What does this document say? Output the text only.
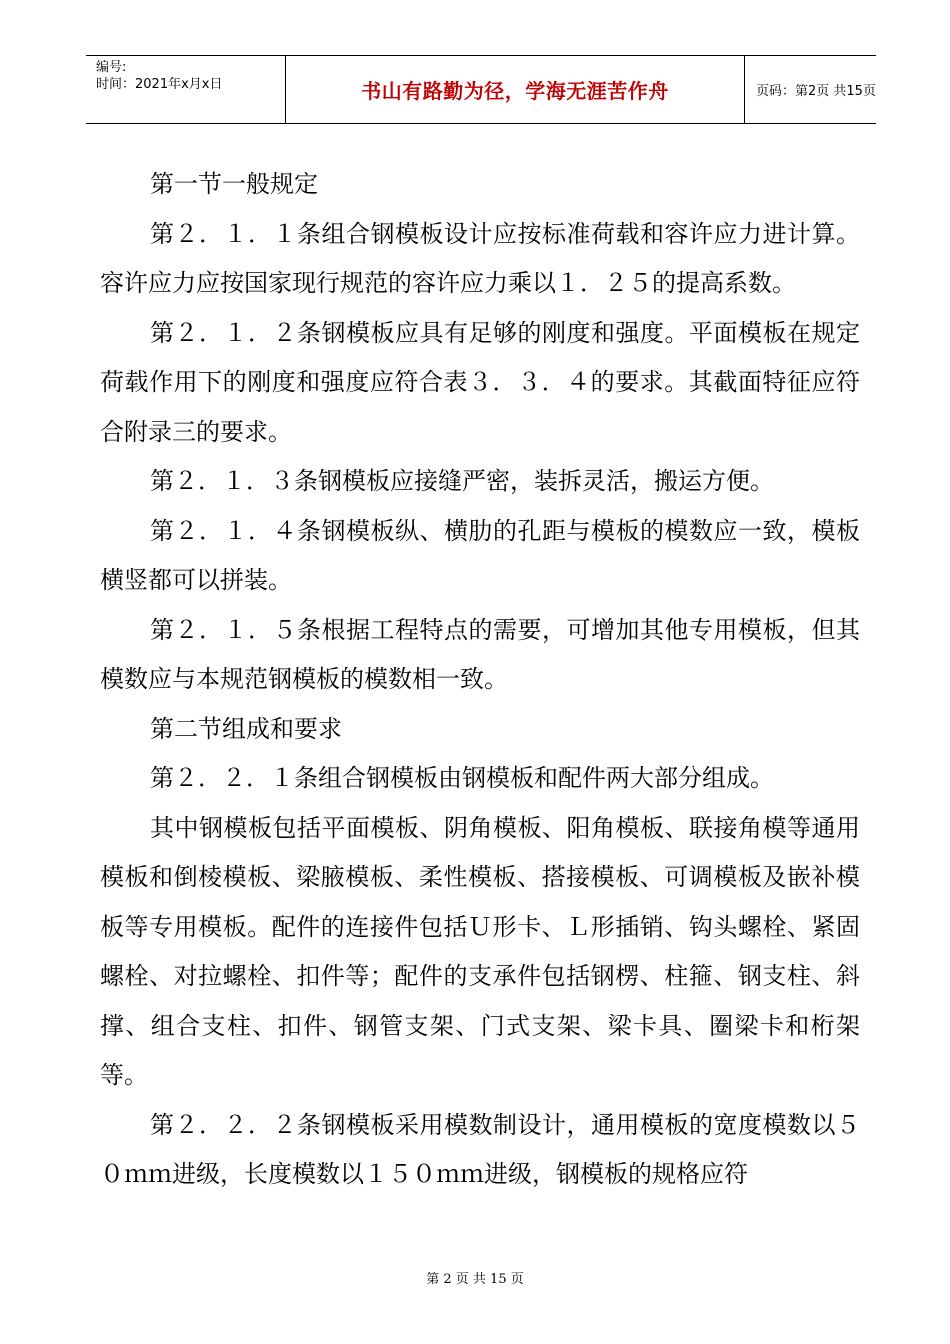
编号:
时间：2021年x月x日	书山有路勤为径，学海无涯苦作舟	页码：第2页 共15页

第一节一般规定

第２．１．１条组合钢模板设计应按标准荷载和容许应力进计算。容许应力应按国家现行规范的容许应力乘以１．２５的提高系数。

第２．１．２条钢模板应具有足够的刚度和强度。平面模板在规定荷载作用下的刚度和强度应符合表３．３．４的要求。其截面特征应符合附录三的要求。

第２．１．３条钢模板应接缝严密，装拆灵活，搬运方便。

第２．１．４条钢模板纵、横肋的孔距与模板的模数应一致，模板横竖都可以拼装。

第２．１．５条根据工程特点的需要，可增加其他专用模板，但其模数应与本规范钢模板的模数相一致。

第二节组成和要求

第２．２．１条组合钢模板由钢模板和配件两大部分组成。

其中钢模板包括平面模板、阴角模板、阳角模板、联接角模等通用模板和倒棱模板、梁腋模板、柔性模板、搭接模板、可调模板及嵌补模板等专用模板。配件的连接件包括Ｕ形卡、Ｌ形插销、钩头螺栓、紧固螺栓、对拉螺栓、扣件等；配件的支承件包括钢楞、柱箍、钢支柱、斜撑、组合支柱、扣件、钢管支架、门式支架、梁卡具、圈梁卡和桁架等。

第２．２．２条钢模板采用模数制设计，通用模板的宽度模数以５０ｍｍ进级，长度模数以１５０ｍｍ进级，钢模板的规格应符

第 2 页 共 15 页
